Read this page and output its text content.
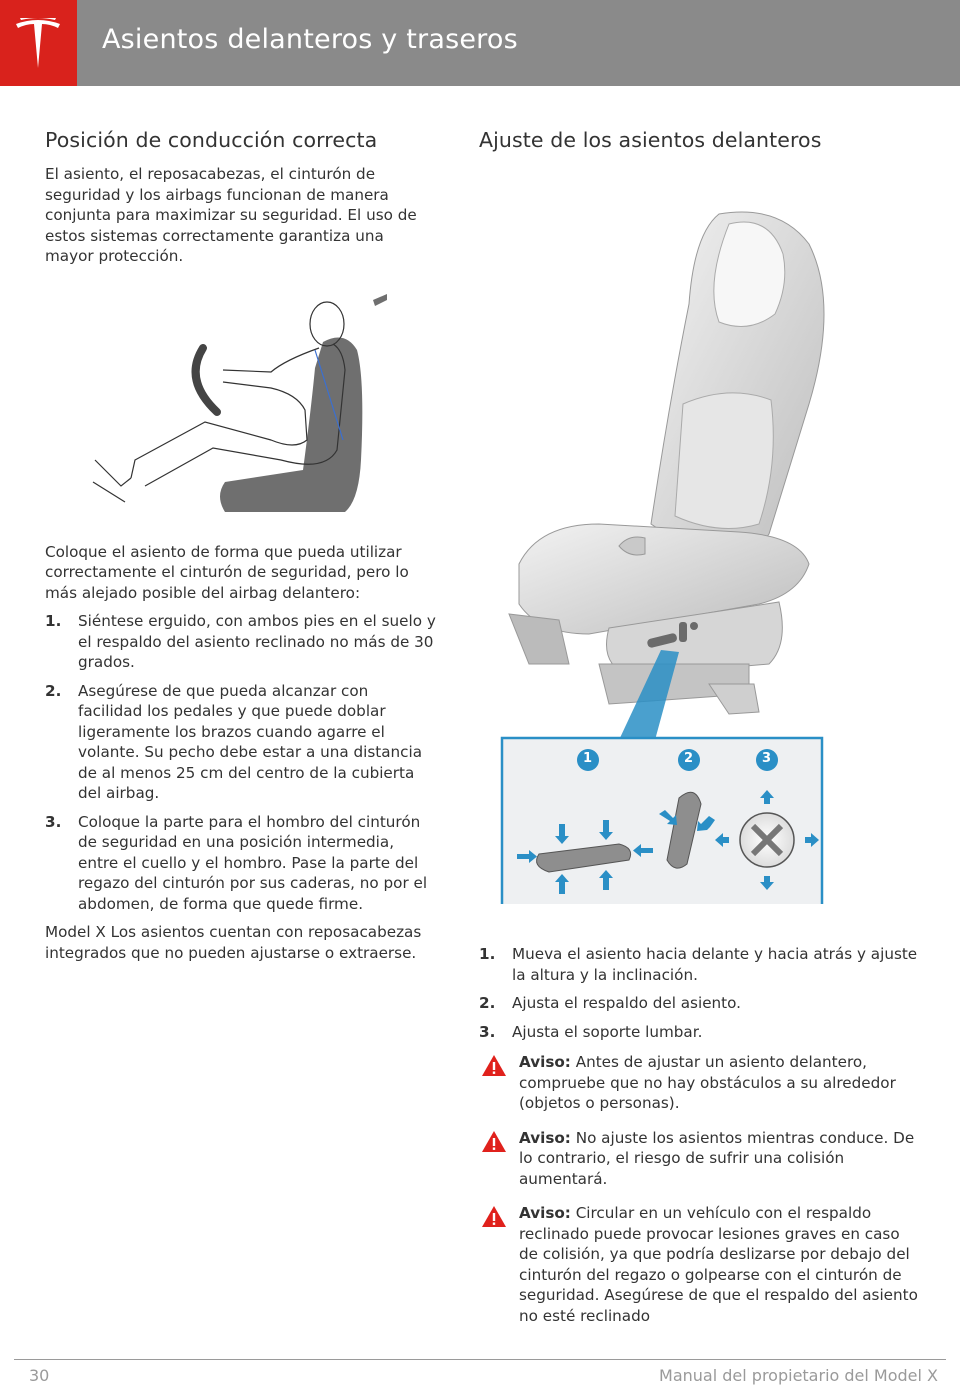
Asientos delanteros y traseros
Posición de conducción correcta

El asiento, el reposacabezas, el cinturón de seguridad y los airbags funcionan de manera conjunta para maximizar su seguridad. El uso de estos sistemas correctamente garantiza una mayor protección.

Coloque el asiento de forma que pueda utilizar correctamente el cinturón de seguridad, pero lo más alejado posible del airbag delantero:

1. Siéntese erguido, con ambos pies en el suelo y el respaldo del asiento reclinado no más de 30 grados.
2. Asegúrese de que pueda alcanzar con facilidad los pedales y que puede doblar ligeramente los brazos cuando agarre el volante. Su pecho debe estar a una distancia de al menos 25 cm del centro de la cubierta del airbag.
3. Coloque la parte para el hombro del cinturón de seguridad en una posición intermedia, entre el cuello y el hombro. Pase la parte del regazo del cinturón por sus caderas, no por el abdomen, de forma que quede firme.

Model X Los asientos cuentan con reposacabezas integrados que no pueden ajustarse o extraerse.

Ajuste de los asientos delanteros
1	2	3
1. Mueva el asiento hacia delante y hacia atrás y ajuste la altura y la inclinación.
2. Ajusta el respaldo del asiento.
3. Ajusta el soporte lumbar.
Aviso: Antes de ajustar un asiento delantero, compruebe que no hay obstáculos a su alrededor (objetos o personas).
Aviso: No ajuste los asientos mientras conduce. De lo contrario, el riesgo de sufrir una colisión aumentará.
Aviso: Circular en un vehículo con el respaldo reclinado puede provocar lesiones graves en caso de colisión, ya que podría deslizarse por debajo del cinturón del regazo o golpearse con el cinturón de seguridad. Asegúrese de que el respaldo del asiento no esté reclinado
30	Manual del propietario del Model X
